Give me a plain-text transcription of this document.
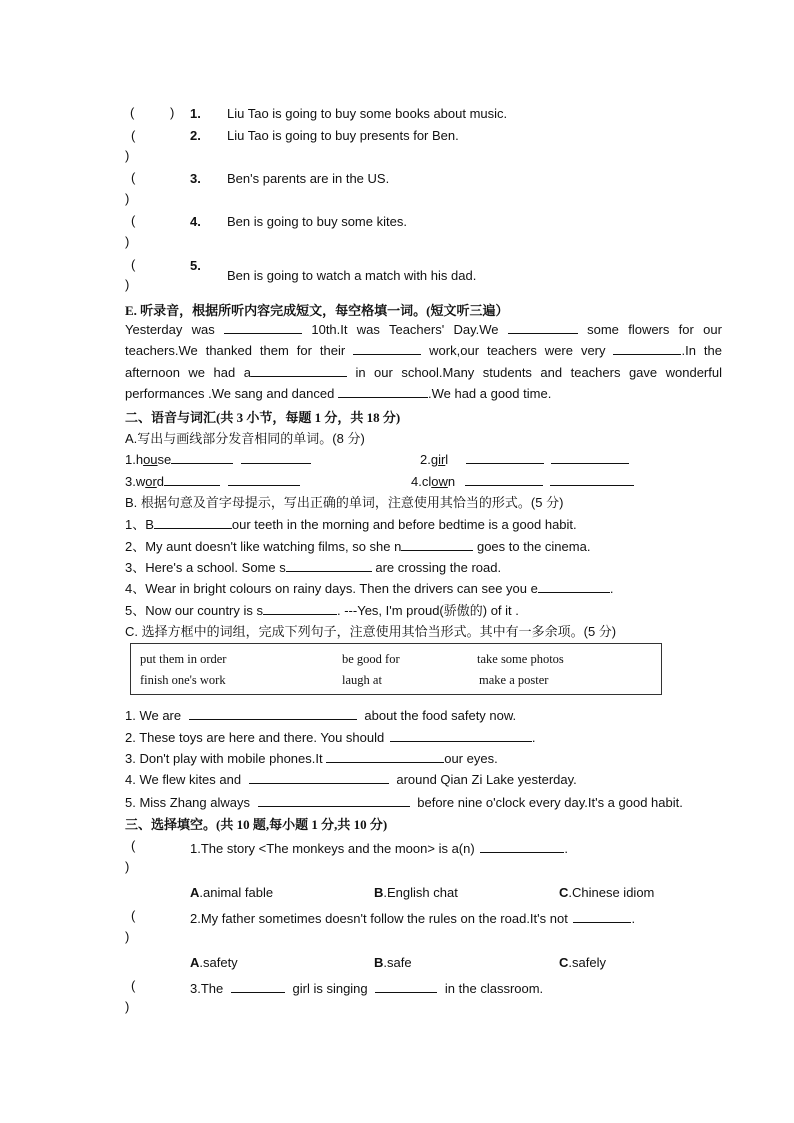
(	) 1. Liu Tao is going to buy some books about music.
(
)
2. Liu Tao is going to buy presents for Ben.
(
)
3. Ben's parents are in the US.
(
)
4. Ben is going to buy some kites.
(
)
5.
Ben is going to watch a match with his dad.
E. 听录音，根据所听内容完成短文，每空格填一词。(短文听三遍）
Yesterday was	10th.It was Teachers' Day.We	some flowers for our teachers.We thanked them for their	work,our teachers were very	.In the afternoon we had a	in our school.Many students and teachers gave wonderful performances .We sang and danced	.We had a good time.
二、语音与词汇(共 3 小节，每题 1 分，共 18 分)
A.写出与画线部分发音相同的单词。(8 分)
1.house	2.girl
3.word	4.clown
B. 根据句意及首字母提示，写出正确的单词，注意使用其恰当的形式。(5 分)
1、B	our teeth in the morning and before bedtime is a good habit.
2、My aunt doesn't like watching films, so she n	goes to the cinema.
3、Here's a school. Some s	are crossing the road.
4、Wear in bright colours on rainy days. Then the drivers can see you e	.
5、Now our country is s	. ---Yes, I'm proud(骄傲的) of it .
C. 选择方框中的词组，完成下列句子，注意使用其恰当形式。其中有一多余项。(5 分)
put them in order	be good for	take some photos
finish one's work	laugh at	make a poster
1. We are	about the food safety now.
2. These toys are here and there. You should	.
3. Don't play with mobile phones.It	our eyes.
4. We flew kites and	around Qian Zi Lake yesterday.
5. Miss Zhang always	before nine o'clock every day.It's a good habit.
三、选择填空。(共 10 题,每小题 1 分,共 10 分)
(
)
1.The story <The monkeys and the moon> is a(n)	.
A.animal fable	B.English chat	C.Chinese idiom
(
)
2.My father sometimes doesn't follow the rules on the road.It's not	.
A.safety	B.safe	C.safely
(
)
3.The	girl is singing	in the classroom.
